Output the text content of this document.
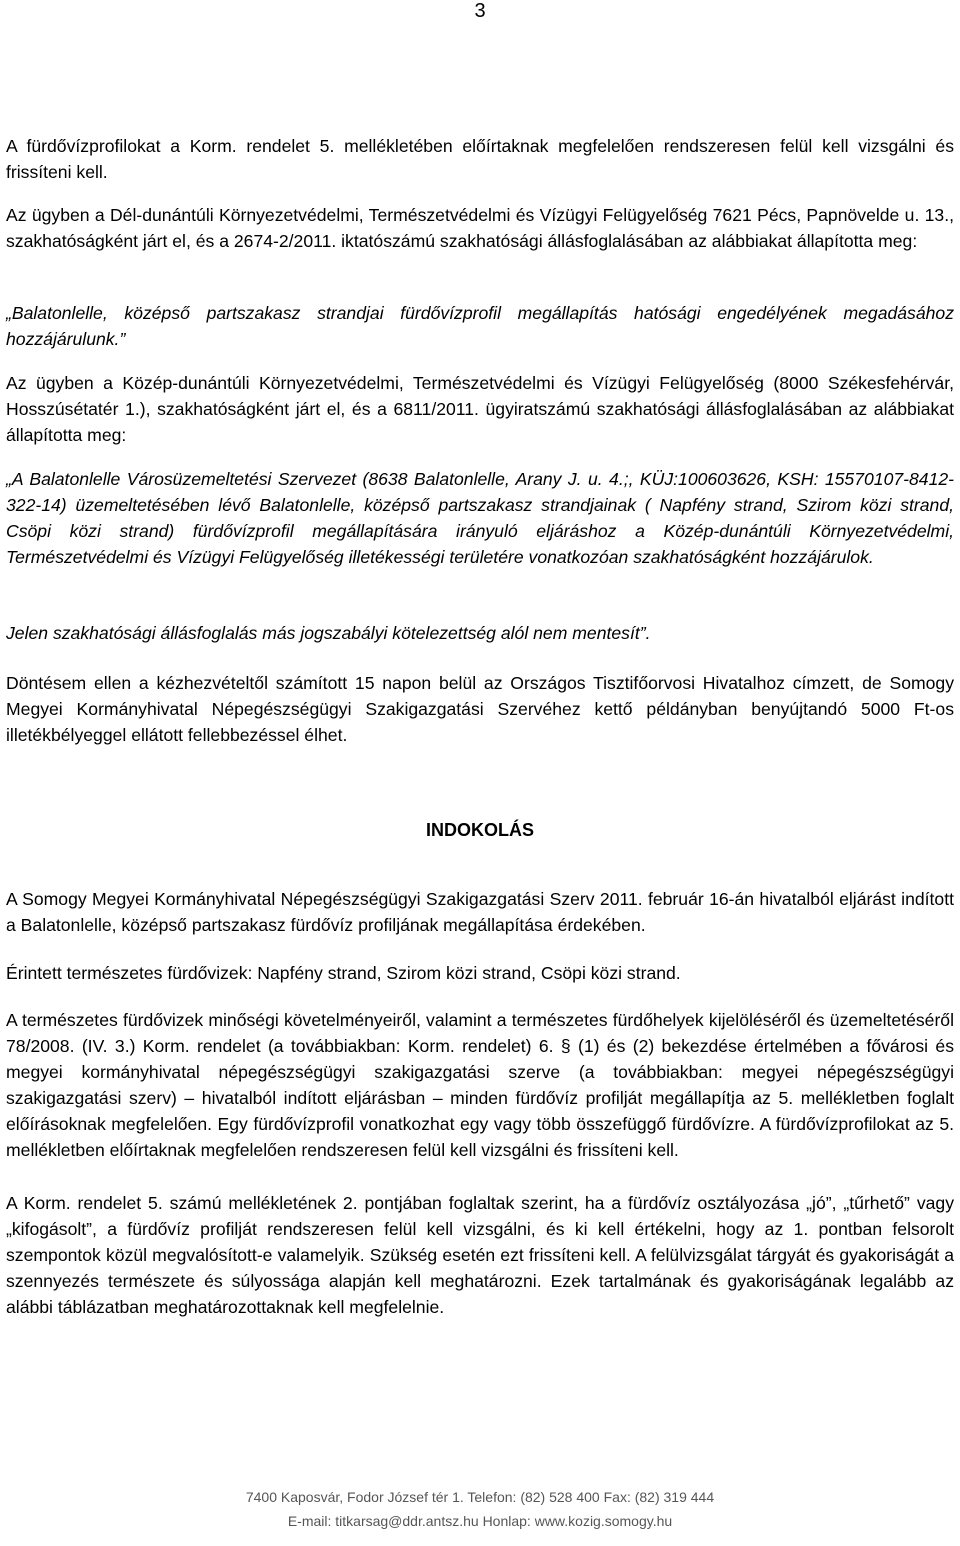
3

A fürdővízprofilokat a Korm. rendelet 5. mellékletében előírtaknak megfelelően rendszeresen felül kell vizsgálni és frissíteni kell.

Az ügyben a Dél-dunántúli Környezetvédelmi, Természetvédelmi és Vízügyi Felügyelőség 7621 Pécs, Papnövelde u. 13., szakhatóságként járt el, és a 2674-2/2011. iktatószámú szakhatósági állásfoglalásában az alábbiakat állapította meg:

„Balatonlelle, középső partszakasz strandjai fürdővízprofil megállapítás hatósági engedélyének megadásához hozzájárulunk.”

Az ügyben a Közép-dunántúli Környezetvédelmi, Természetvédelmi és Vízügyi Felügyelőség (8000 Székesfehérvár, Hosszúsétatér 1.), szakhatóságként járt el, és a 6811/2011. ügyiratszámú szakhatósági állásfoglalásában az alábbiakat állapította meg:

„A Balatonlelle Városüzemeltetési Szervezet (8638 Balatonlelle, Arany J. u. 4.;, KÜJ:100603626, KSH: 15570107-8412-322-14) üzemeltetésében lévő Balatonlelle, középső partszakasz strandjainak ( Napfény strand, Szirom közi strand, Csöpi közi strand) fürdővízprofil megállapítására irányuló eljáráshoz a Közép-dunántúli Környezetvédelmi, Természetvédelmi és Vízügyi Felügyelőség illetékességi területére vonatkozóan szakhatóságként hozzájárulok.

Jelen szakhatósági állásfoglalás más jogszabályi kötelezettség alól nem mentesít”.

Döntésem ellen a kézhezvételtől számított 15 napon belül az Országos Tisztifőorvosi Hivatalhoz címzett, de Somogy Megyei Kormányhivatal Népegészségügyi Szakigazgatási Szervéhez kettő példányban benyújtandó 5000 Ft-os illetékbélyeggel ellátott fellebbezéssel élhet.

INDOKOLÁS

A Somogy Megyei Kormányhivatal Népegészségügyi Szakigazgatási Szerv 2011. február 16-án hivatalból eljárást indított a Balatonlelle, középső partszakasz fürdővíz profiljának megállapítása érdekében.

Érintett természetes fürdővizek: Napfény strand, Szirom közi strand, Csöpi közi strand.

A természetes fürdővizek minőségi követelményeiről, valamint a természetes fürdőhelyek kijelöléséről és üzemeltetéséről 78/2008. (IV. 3.) Korm. rendelet (a továbbiakban: Korm. rendelet) 6. § (1) és (2) bekezdése értelmében a fővárosi és megyei kormányhivatal népegészségügyi szakigazgatási szerve (a továbbiakban: megyei népegészségügyi szakigazgatási szerv) – hivatalból indított eljárásban – minden fürdővíz profilját megállapítja az 5. mellékletben foglalt előírásoknak megfelelően. Egy fürdővízprofil vonatkozhat egy vagy több összefüggő fürdővízre. A fürdővízprofilokat az 5. mellékletben előírtaknak megfelelően rendszeresen felül kell vizsgálni és frissíteni kell.

A Korm. rendelet 5. számú mellékletének 2. pontjában foglaltak szerint, ha a fürdővíz osztályozása „jó”, „tűrhető” vagy „kifogásolt”, a fürdővíz profilját rendszeresen felül kell vizsgálni, és ki kell értékelni, hogy az 1. pontban felsorolt szempontok közül megvalósított-e valamelyik. Szükség esetén ezt frissíteni kell. A felülvizsgálat tárgyát és gyakoriságát a szennyezés természete és súlyossága alapján kell meghatározni. Ezek tartalmának és gyakoriságának legalább az alábbi táblázatban meghatározottaknak kell megfelelnie.

7400 Kaposvár, Fodor József tér 1. Telefon: (82) 528 400 Fax: (82) 319 444
E-mail: titkarsag@ddr.antsz.hu Honlap: www.kozig.somogy.hu
